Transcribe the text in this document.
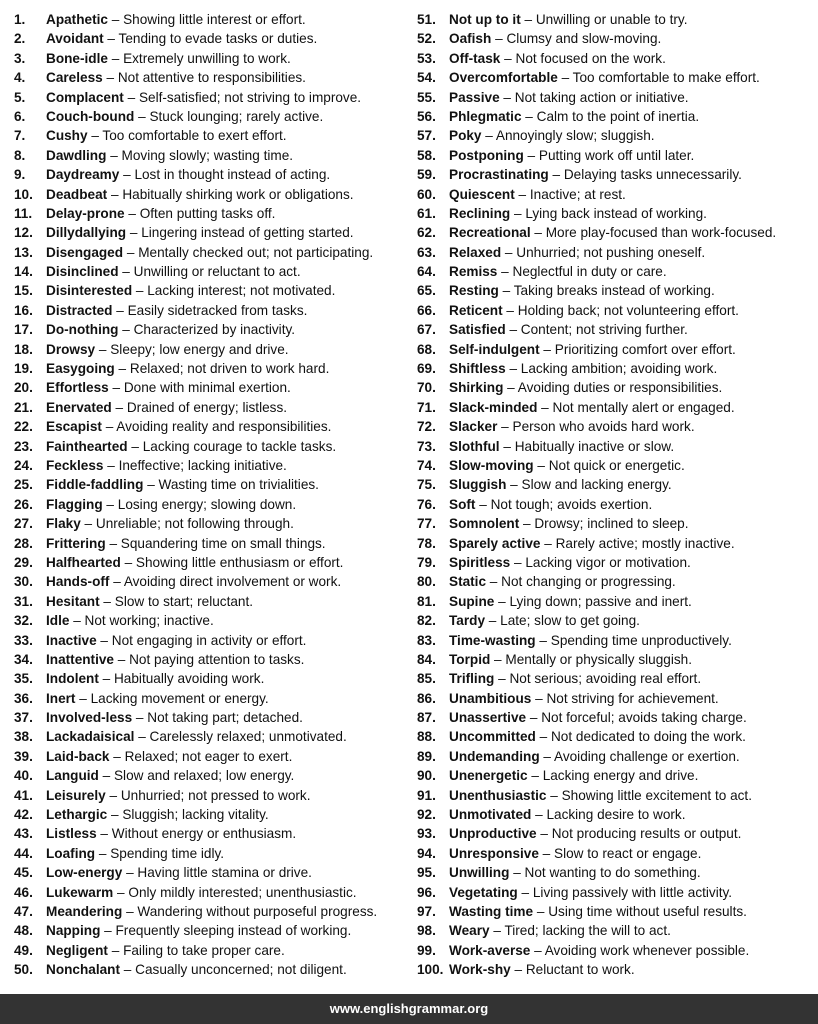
1. Apathetic – Showing little interest or effort.
2. Avoidant – Tending to evade tasks or duties.
3. Bone-idle – Extremely unwilling to work.
4. Careless – Not attentive to responsibilities.
5. Complacent – Self-satisfied; not striving to improve.
6. Couch-bound – Stuck lounging; rarely active.
7. Cushy – Too comfortable to exert effort.
8. Dawdling – Moving slowly; wasting time.
9. Daydreamy – Lost in thought instead of acting.
10. Deadbeat – Habitually shirking work or obligations.
11. Delay-prone – Often putting tasks off.
12. Dillydallying – Lingering instead of getting started.
13. Disengaged – Mentally checked out; not participating.
14. Disinclined – Unwilling or reluctant to act.
15. Disinterested – Lacking interest; not motivated.
16. Distracted – Easily sidetracked from tasks.
17. Do-nothing – Characterized by inactivity.
18. Drowsy – Sleepy; low energy and drive.
19. Easygoing – Relaxed; not driven to work hard.
20. Effortless – Done with minimal exertion.
21. Enervated – Drained of energy; listless.
22. Escapist – Avoiding reality and responsibilities.
23. Fainthearted – Lacking courage to tackle tasks.
24. Feckless – Ineffective; lacking initiative.
25. Fiddle-faddling – Wasting time on trivialities.
26. Flagging – Losing energy; slowing down.
27. Flaky – Unreliable; not following through.
28. Frittering – Squandering time on small things.
29. Halfhearted – Showing little enthusiasm or effort.
30. Hands-off – Avoiding direct involvement or work.
31. Hesitant – Slow to start; reluctant.
32. Idle – Not working; inactive.
33. Inactive – Not engaging in activity or effort.
34. Inattentive – Not paying attention to tasks.
35. Indolent – Habitually avoiding work.
36. Inert – Lacking movement or energy.
37. Involved-less – Not taking part; detached.
38. Lackadaisical – Carelessly relaxed; unmotivated.
39. Laid-back – Relaxed; not eager to exert.
40. Languid – Slow and relaxed; low energy.
41. Leisurely – Unhurried; not pressed to work.
42. Lethargic – Sluggish; lacking vitality.
43. Listless – Without energy or enthusiasm.
44. Loafing – Spending time idly.
45. Low-energy – Having little stamina or drive.
46. Lukewarm – Only mildly interested; unenthusiastic.
47. Meandering – Wandering without purposeful progress.
48. Napping – Frequently sleeping instead of working.
49. Negligent – Failing to take proper care.
50. Nonchalant – Casually unconcerned; not diligent.
51. Not up to it – Unwilling or unable to try.
52. Oafish – Clumsy and slow-moving.
53. Off-task – Not focused on the work.
54. Overcomfortable – Too comfortable to make effort.
55. Passive – Not taking action or initiative.
56. Phlegmatic – Calm to the point of inertia.
57. Poky – Annoyingly slow; sluggish.
58. Postponing – Putting work off until later.
59. Procrastinating – Delaying tasks unnecessarily.
60. Quiescent – Inactive; at rest.
61. Reclining – Lying back instead of working.
62. Recreational – More play-focused than work-focused.
63. Relaxed – Unhurried; not pushing oneself.
64. Remiss – Neglectful in duty or care.
65. Resting – Taking breaks instead of working.
66. Reticent – Holding back; not volunteering effort.
67. Satisfied – Content; not striving further.
68. Self-indulgent – Prioritizing comfort over effort.
69. Shiftless – Lacking ambition; avoiding work.
70. Shirking – Avoiding duties or responsibilities.
71. Slack-minded – Not mentally alert or engaged.
72. Slacker – Person who avoids hard work.
73. Slothful – Habitually inactive or slow.
74. Slow-moving – Not quick or energetic.
75. Sluggish – Slow and lacking energy.
76. Soft – Not tough; avoids exertion.
77. Somnolent – Drowsy; inclined to sleep.
78. Sparely active – Rarely active; mostly inactive.
79. Spiritless – Lacking vigor or motivation.
80. Static – Not changing or progressing.
81. Supine – Lying down; passive and inert.
82. Tardy – Late; slow to get going.
83. Time-wasting – Spending time unproductively.
84. Torpid – Mentally or physically sluggish.
85. Trifling – Not serious; avoiding real effort.
86. Unambitious – Not striving for achievement.
87. Unassertive – Not forceful; avoids taking charge.
88. Uncommitted – Not dedicated to doing the work.
89. Undemanding – Avoiding challenge or exertion.
90. Unenergetic – Lacking energy and drive.
91. Unenthusiastic – Showing little excitement to act.
92. Unmotivated – Lacking desire to work.
93. Unproductive – Not producing results or output.
94. Unresponsive – Slow to react or engage.
95. Unwilling – Not wanting to do something.
96. Vegetating – Living passively with little activity.
97. Wasting time – Using time without useful results.
98. Weary – Tired; lacking the will to act.
99. Work-averse – Avoiding work whenever possible.
100. Work-shy – Reluctant to work.
www.englishgrammar.org
